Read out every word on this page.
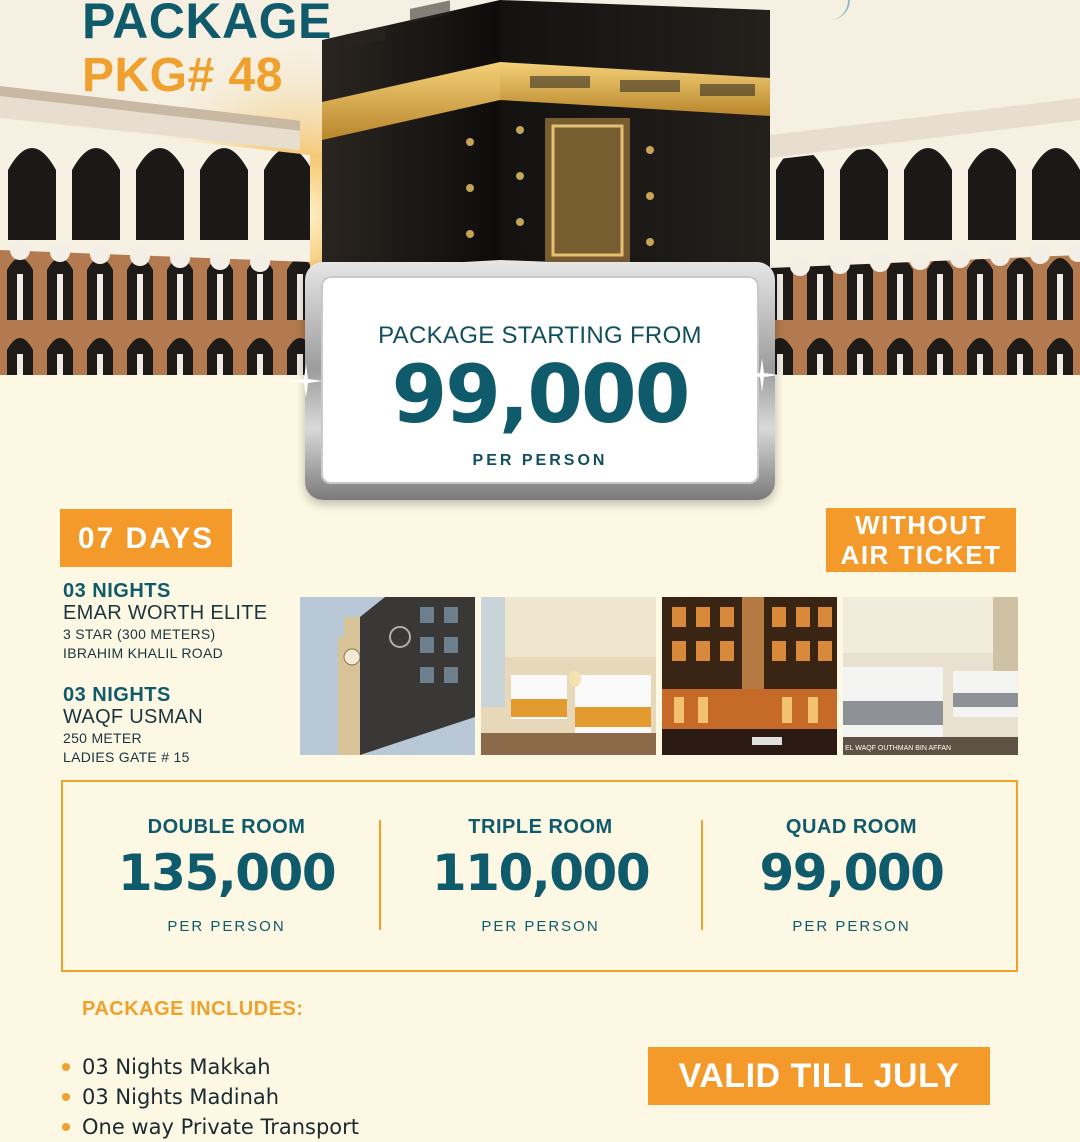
PACKAGE
PKG# 48
PACKAGE STARTING FROM
99,000
PER PERSON
07 DAYS	WITHOUT
AIR TICKET
03 NIGHTS
EMAR WORTH ELITE
3 STAR (300 METERS)
IBRAHIM KHALIL ROAD
03 NIGHTS
WAQF USMAN
250 METER
LADIES GATE # 15
EL WAQF OUTHMAN BIN AFFAN
DOUBLE ROOM
135,000
PER PERSON
TRIPLE ROOM
110,000
PER PERSON
QUAD ROOM
99,000
PER PERSON
PACKAGE INCLUDES:
03 Nights Makkah
03 Nights Madinah
One way Private Transport
VALID TILL JULY
